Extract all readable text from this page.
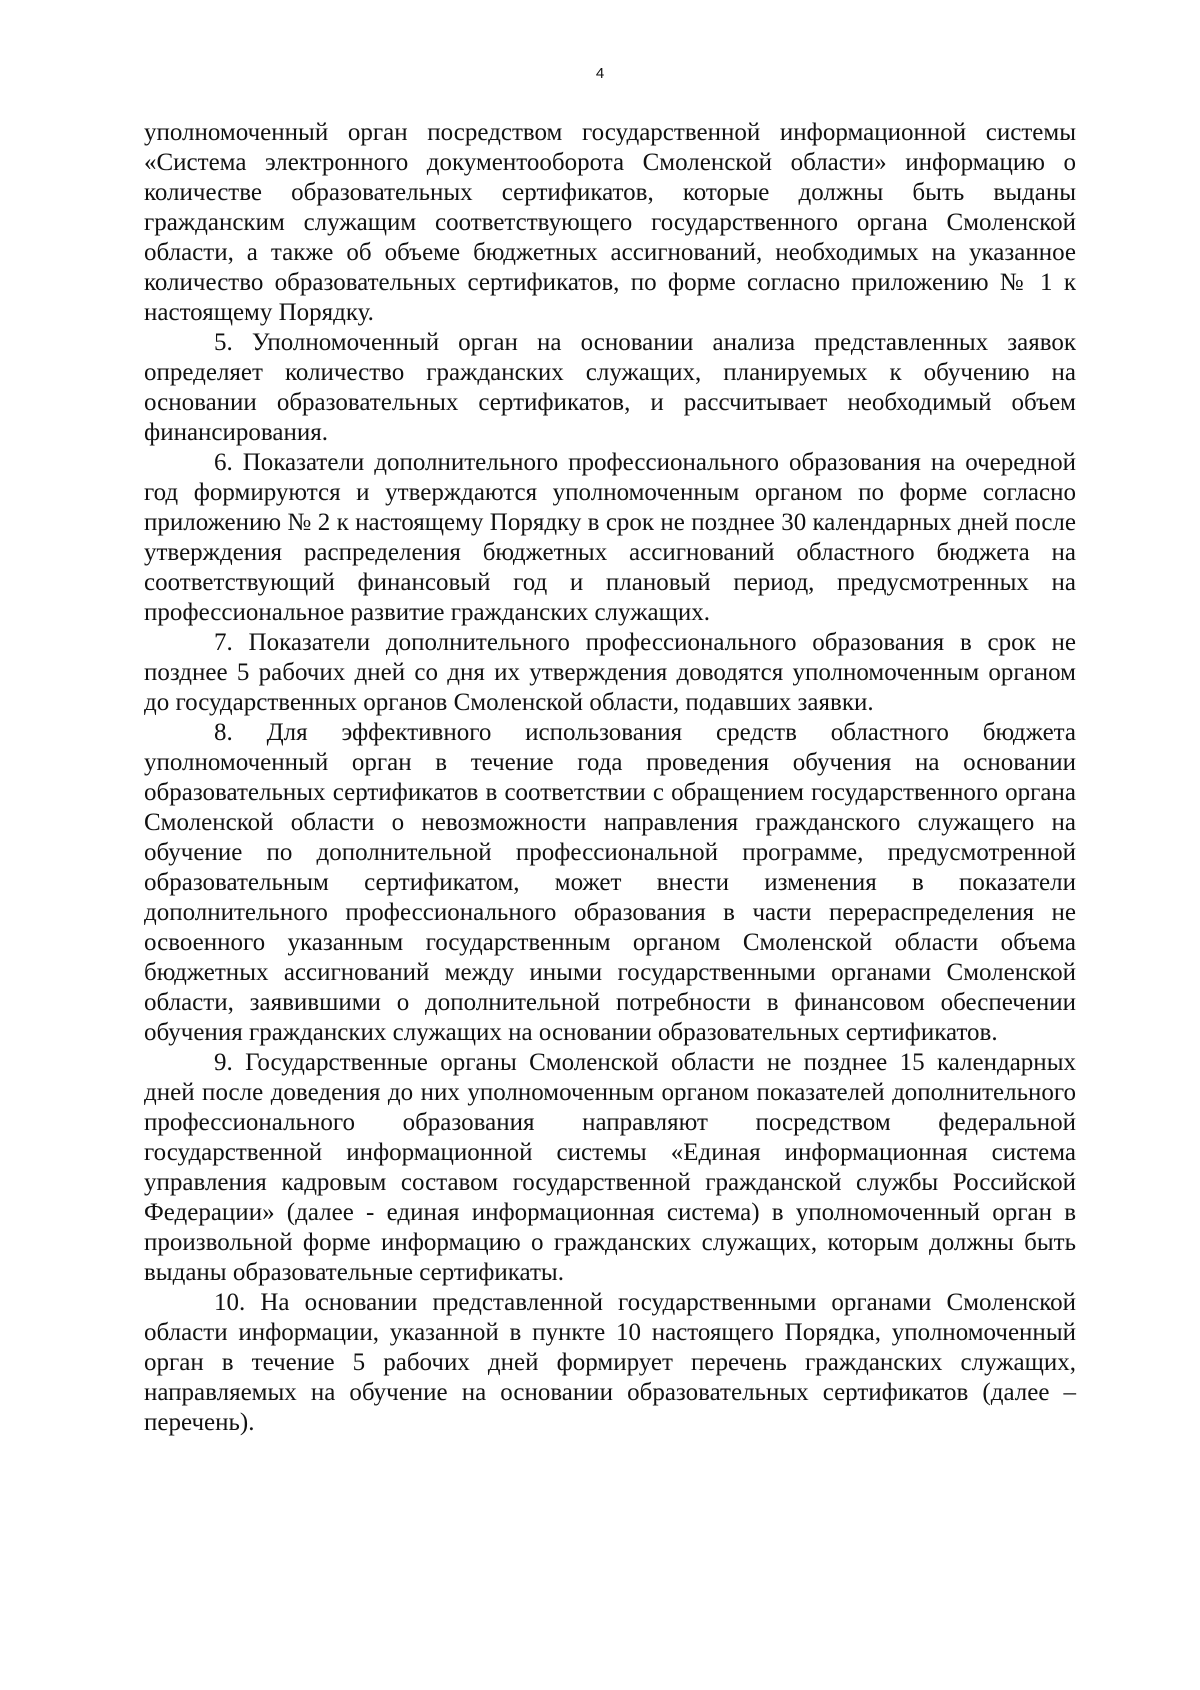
4

уполномоченный орган посредством государственной информационной системы «Система электронного документооборота Смоленской области» информацию о количестве образовательных сертификатов, которые должны быть выданы гражданским служащим соответствующего государственного органа Смоленской области, а также об объеме бюджетных ассигнований, необходимых на указанное количество образовательных сертификатов, по форме согласно приложению № 1 к настоящему Порядку.

5. Уполномоченный орган на основании анализа представленных заявок определяет количество гражданских служащих, планируемых к обучению на основании образовательных сертификатов, и рассчитывает необходимый объем финансирования.

6. Показатели дополнительного профессионального образования на очередной год формируются и утверждаются уполномоченным органом по форме согласно приложению № 2 к настоящему Порядку в срок не позднее 30 календарных дней после утверждения распределения бюджетных ассигнований областного бюджета на соответствующий финансовый год и плановый период, предусмотренных на профессиональное развитие гражданских служащих.

7. Показатели дополнительного профессионального образования в срок не позднее 5 рабочих дней со дня их утверждения доводятся уполномоченным органом до государственных органов Смоленской области, подавших заявки.

8. Для эффективного использования средств областного бюджета уполномоченный орган в течение года проведения обучения на основании образовательных сертификатов в соответствии с обращением государственного органа Смоленской области о невозможности направления гражданского служащего на обучение по дополнительной профессиональной программе, предусмотренной образовательным сертификатом, может внести изменения в показатели дополнительного профессионального образования в части перераспределения не освоенного указанным государственным органом Смоленской области объема бюджетных ассигнований между иными государственными органами Смоленской области, заявившими о дополнительной потребности в финансовом обеспечении обучения гражданских служащих на основании образовательных сертификатов.

9. Государственные органы Смоленской области не позднее 15 календарных дней после доведения до них уполномоченным органом показателей дополнительного профессионального образования направляют посредством федеральной государственной информационной системы «Единая информационная система управления кадровым составом государственной гражданской службы Российской Федерации» (далее - единая информационная система) в уполномоченный орган в произвольной форме информацию о гражданских служащих, которым должны быть выданы образовательные сертификаты.

10. На основании представленной государственными органами Смоленской области информации, указанной в пункте 10 настоящего Порядка, уполномоченный орган в течение 5 рабочих дней формирует перечень гражданских служащих, направляемых на обучение на основании образовательных сертификатов (далее – перечень).
